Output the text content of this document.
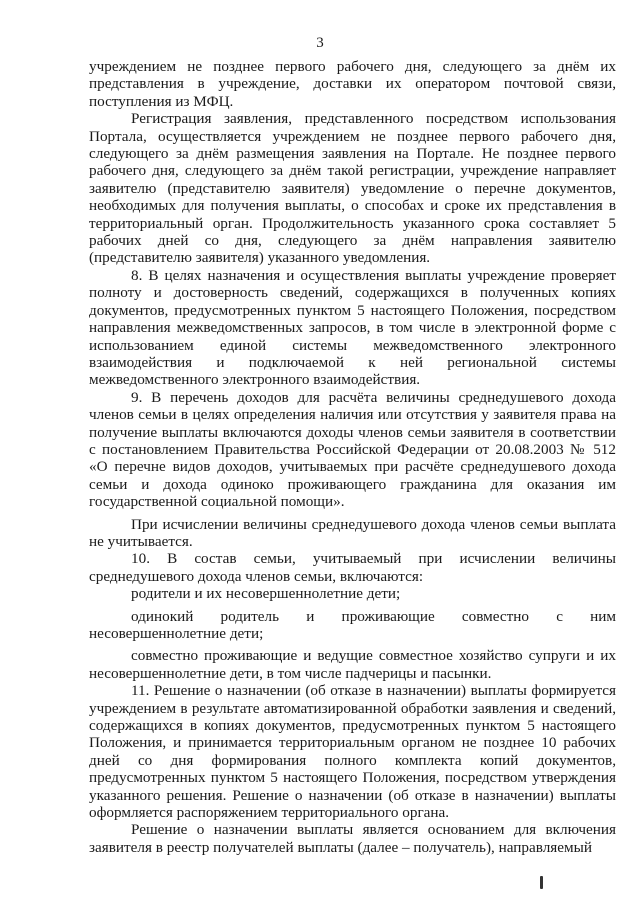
3

учреждением не позднее первого рабочего дня, следующего за днём их представления в учреждение, доставки их оператором почтовой связи, поступления из МФЦ.

Регистрация заявления, представленного посредством использования Портала, осуществляется учреждением не позднее первого рабочего дня, следующего за днём размещения заявления на Портале. Не позднее первого рабочего дня, следующего за днём такой регистрации, учреждение направляет заявителю (представителю заявителя) уведомление о перечне документов, необходимых для получения выплаты, о способах и сроке их представления в территориальный орган. Продолжительность указанного срока составляет 5 рабочих дней со дня, следующего за днём направления заявителю (представителю заявителя) указанного уведомления.

8. В целях назначения и осуществления выплаты учреждение проверяет полноту и достоверность сведений, содержащихся в полученных копиях документов, предусмотренных пунктом 5 настоящего Положения, посредством направления межведомственных запросов, в том числе в электронной форме с использованием единой системы межведомственного электронного взаимодействия и подключаемой к ней региональной системы межведомственного электронного взаимодействия.

9. В перечень доходов для расчёта величины среднедушевого дохода членов семьи в целях определения наличия или отсутствия у заявителя права на получение выплаты включаются доходы членов семьи заявителя в соответствии с постановлением Правительства Российской Федерации от 20.08.2003 № 512 «О перечне видов доходов, учитываемых при расчёте среднедушевого дохода семьи и дохода одиноко проживающего гражданина для оказания им государственной социальной помощи».

При исчислении величины среднедушевого дохода членов семьи выплата не учитывается.

10. В состав семьи, учитываемый при исчислении величины среднедушевого дохода членов семьи, включаются:

родители и их несовершеннолетние дети;

одинокий родитель и проживающие совместно с ним несовершеннолетние дети;

совместно проживающие и ведущие совместное хозяйство супруги и их несовершеннолетние дети, в том числе падчерицы и пасынки.

11. Решение о назначении (об отказе в назначении) выплаты формируется учреждением в результате автоматизированной обработки заявления и сведений, содержащихся в копиях документов, предусмотренных пунктом 5 настоящего Положения, и принимается территориальным органом не позднее 10 рабочих дней со дня формирования полного комплекта копий документов, предусмотренных пунктом 5 настоящего Положения, посредством утверждения указанного решения. Решение о назначении (об отказе в назначении) выплаты оформляется распоряжением территориального органа.

Решение о назначении выплаты является основанием для включения заявителя в реестр получателей выплаты (далее – получатель), направляемый
